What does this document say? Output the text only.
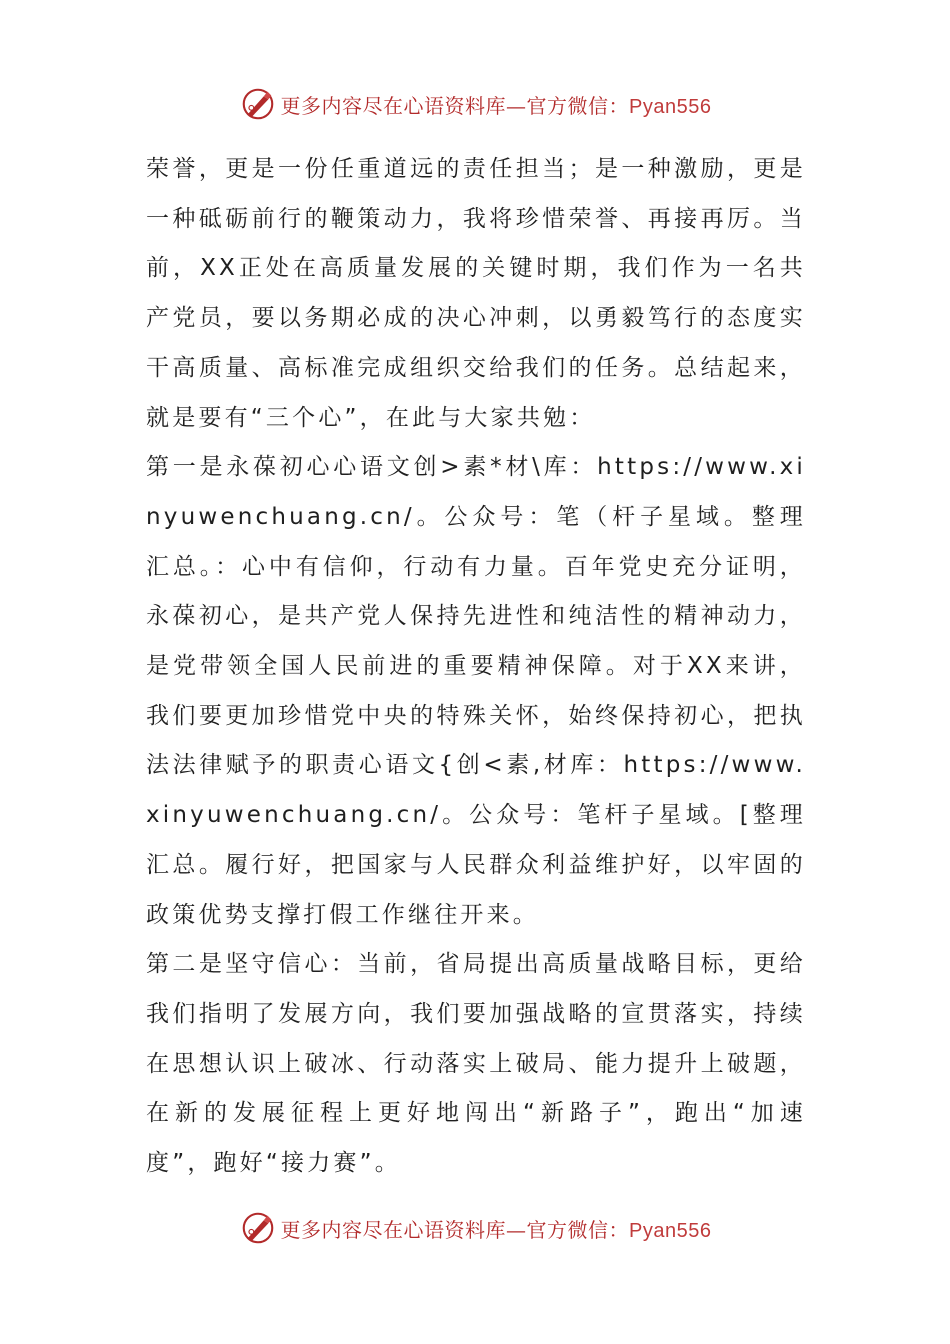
更多内容尽在心语资料库—官方微信：Pyan556

荣誉，更是一份任重道远的责任担当；是一种激励，更是一种砥砺前行的鞭策动力，我将珍惜荣誉、再接再厉。当前，XX正处在高质量发展的关键时期，我们作为一名共产党员，要以务期必成的决心冲刺，以勇毅笃行的态度实干高质量、高标准完成组织交给我们的任务。总结起来，就是要有“三个心”，在此与大家共勉：

第一是永葆初心心语文创>素*材\库：https://www.xinyuwenchuang.cn/。公众号：笔（杆子星域。整理汇总。：心中有信仰，行动有力量。百年党史充分证明，永葆初心，是共产党人保持先进性和纯洁性的精神动力，是党带领全国人民前进的重要精神保障。对于XX来讲，我们要更加珍惜党中央的特殊关怀，始终保持初心，把执法法律赋予的职责心语文{创<素,材库：https://www.xinyuwenchuang.cn/。公众号：笔杆子星域。[整理汇总。履行好，把国家与人民群众利益维护好，以牢固的政策优势支撑打假工作继往开来。

第二是坚守信心：当前，省局提出高质量战略目标，更给我们指明了发展方向，我们要加强战略的宣贯落实，持续在思想认识上破冰、行动落实上破局、能力提升上破题，在新的发展征程上更好地闯出“新路子”，跑出“加速度”，跑好“接力赛”。

更多内容尽在心语资料库—官方微信：Pyan556
